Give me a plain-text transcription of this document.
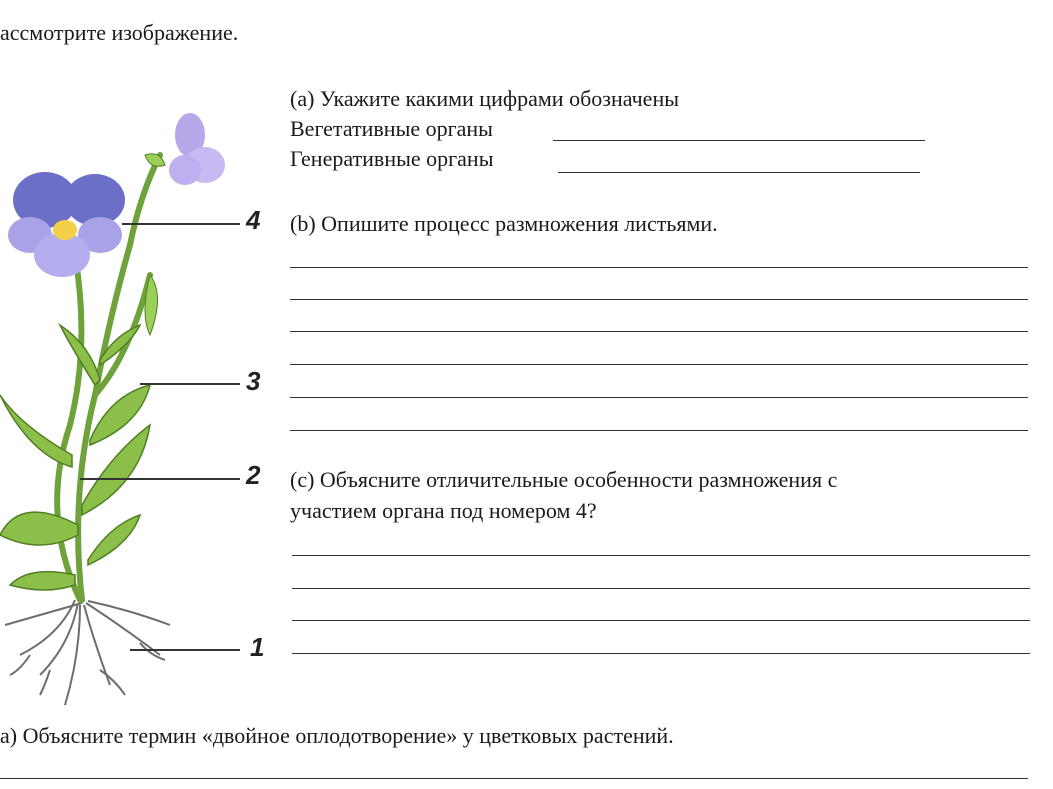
ассмотрите изображение.
4
3
2
1
(а) Укажите какими цифрами обозначены
Вегетативные органы
Генеративные органы
(b) Опишите процесс размножения листьями.
(c) Объясните отличительные особенности размножения с
участием органа под номером 4?
а) Объясните термин «двойное оплодотворение» у цветковых растений.
